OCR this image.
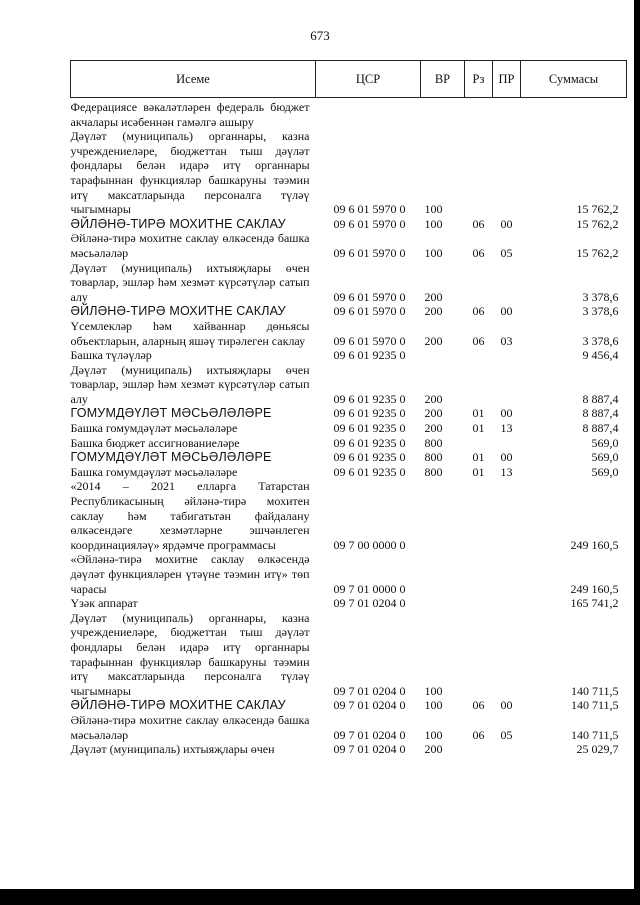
673
Исеме	ЦСР	ВР	Рз	ПР	Суммасы
Федерациясе вәкаләтләрен федераль бюджет акчалары исәбеннән гамәлгә ашыру					
Дәүләт (муниципаль) органнары, казна учреждениеләре, бюджеттан тыш дәүләт фондлары белән идарә итү органнары тарафыннан функцияләр башкаруны тәэмин итү максатларында персоналга түләү чыгымнары	09 6 01 5970 0	100			15 762,2
ӘЙЛӘНӘ-ТИРӘ МОХИТНЕ САКЛАУ	09 6 01 5970 0	100	06	00	15 762,2
Әйләнә-тирә мохитне саклау өлкәсендә башка мәсьәләләр	09 6 01 5970 0	100	06	05	15 762,2
Дәүләт (муниципаль) ихтыяҗлары өчен товарлар, эшләр һәм хезмәт күрсәтүләр сатып алу	09 6 01 5970 0	200			3 378,6
ӘЙЛӘНӘ-ТИРӘ МОХИТНЕ САКЛАУ	09 6 01 5970 0	200	06	00	3 378,6
Үсемлекләр һәм хайваннар дөньясы объектларын, аларның яшәү тирәлеген саклау	09 6 01 5970 0	200	06	03	3 378,6
Башка түләүләр	09 6 01 9235 0				9 456,4
Дәүләт (муниципаль) ихтыяҗлары өчен товарлар, эшләр һәм хезмәт күрсәтүләр сатып алу	09 6 01 9235 0	200			8 887,4
ГОМУМДӘҮЛӘТ МӘСЬӘЛӘЛӘРЕ	09 6 01 9235 0	200	01	00	8 887,4
Башка гомумдәүләт мәсьәләләре	09 6 01 9235 0	200	01	13	8 887,4
Башка бюджет ассигнованиеләре	09 6 01 9235 0	800			569,0
ГОМУМДӘҮЛӘТ МӘСЬӘЛӘЛӘРЕ	09 6 01 9235 0	800	01	00	569,0
Башка гомумдәүләт мәсьәләләре	09 6 01 9235 0	800	01	13	569,0
«2014 – 2021 елларга Татарстан Республикасының әйләнә-тирә мохитен саклау һәм табигатьтән файдалану өлкәсендәге хезмәтләрне эшчәнлеген координацияләү» ярдәмче программасы	09 7 00 0000 0				249 160,5
«Әйләнә-тирә мохитне саклау өлкәсендә дәүләт функцияләрен үтәүне тәэмин итү» төп чарасы	09 7 01 0000 0				249 160,5
Үзәк аппарат	09 7 01 0204 0				165 741,2
Дәүләт (муниципаль) органнары, казна учреждениеләре, бюджеттан тыш дәүләт фондлары белән идарә итү органнары тарафыннан функцияләр башкаруны тәэмин итү максатларында персоналга түләү чыгымнары	09 7 01 0204 0	100			140 711,5
ӘЙЛӘНӘ-ТИРӘ МОХИТНЕ САКЛАУ	09 7 01 0204 0	100	06	00	140 711,5
Әйләнә-тирә мохитне саклау өлкәсендә башка мәсьәләләр	09 7 01 0204 0	100	06	05	140 711,5
Дәүләт (муниципаль) ихтыяҗлары өчен	09 7 01 0204 0	200			25 029,7
